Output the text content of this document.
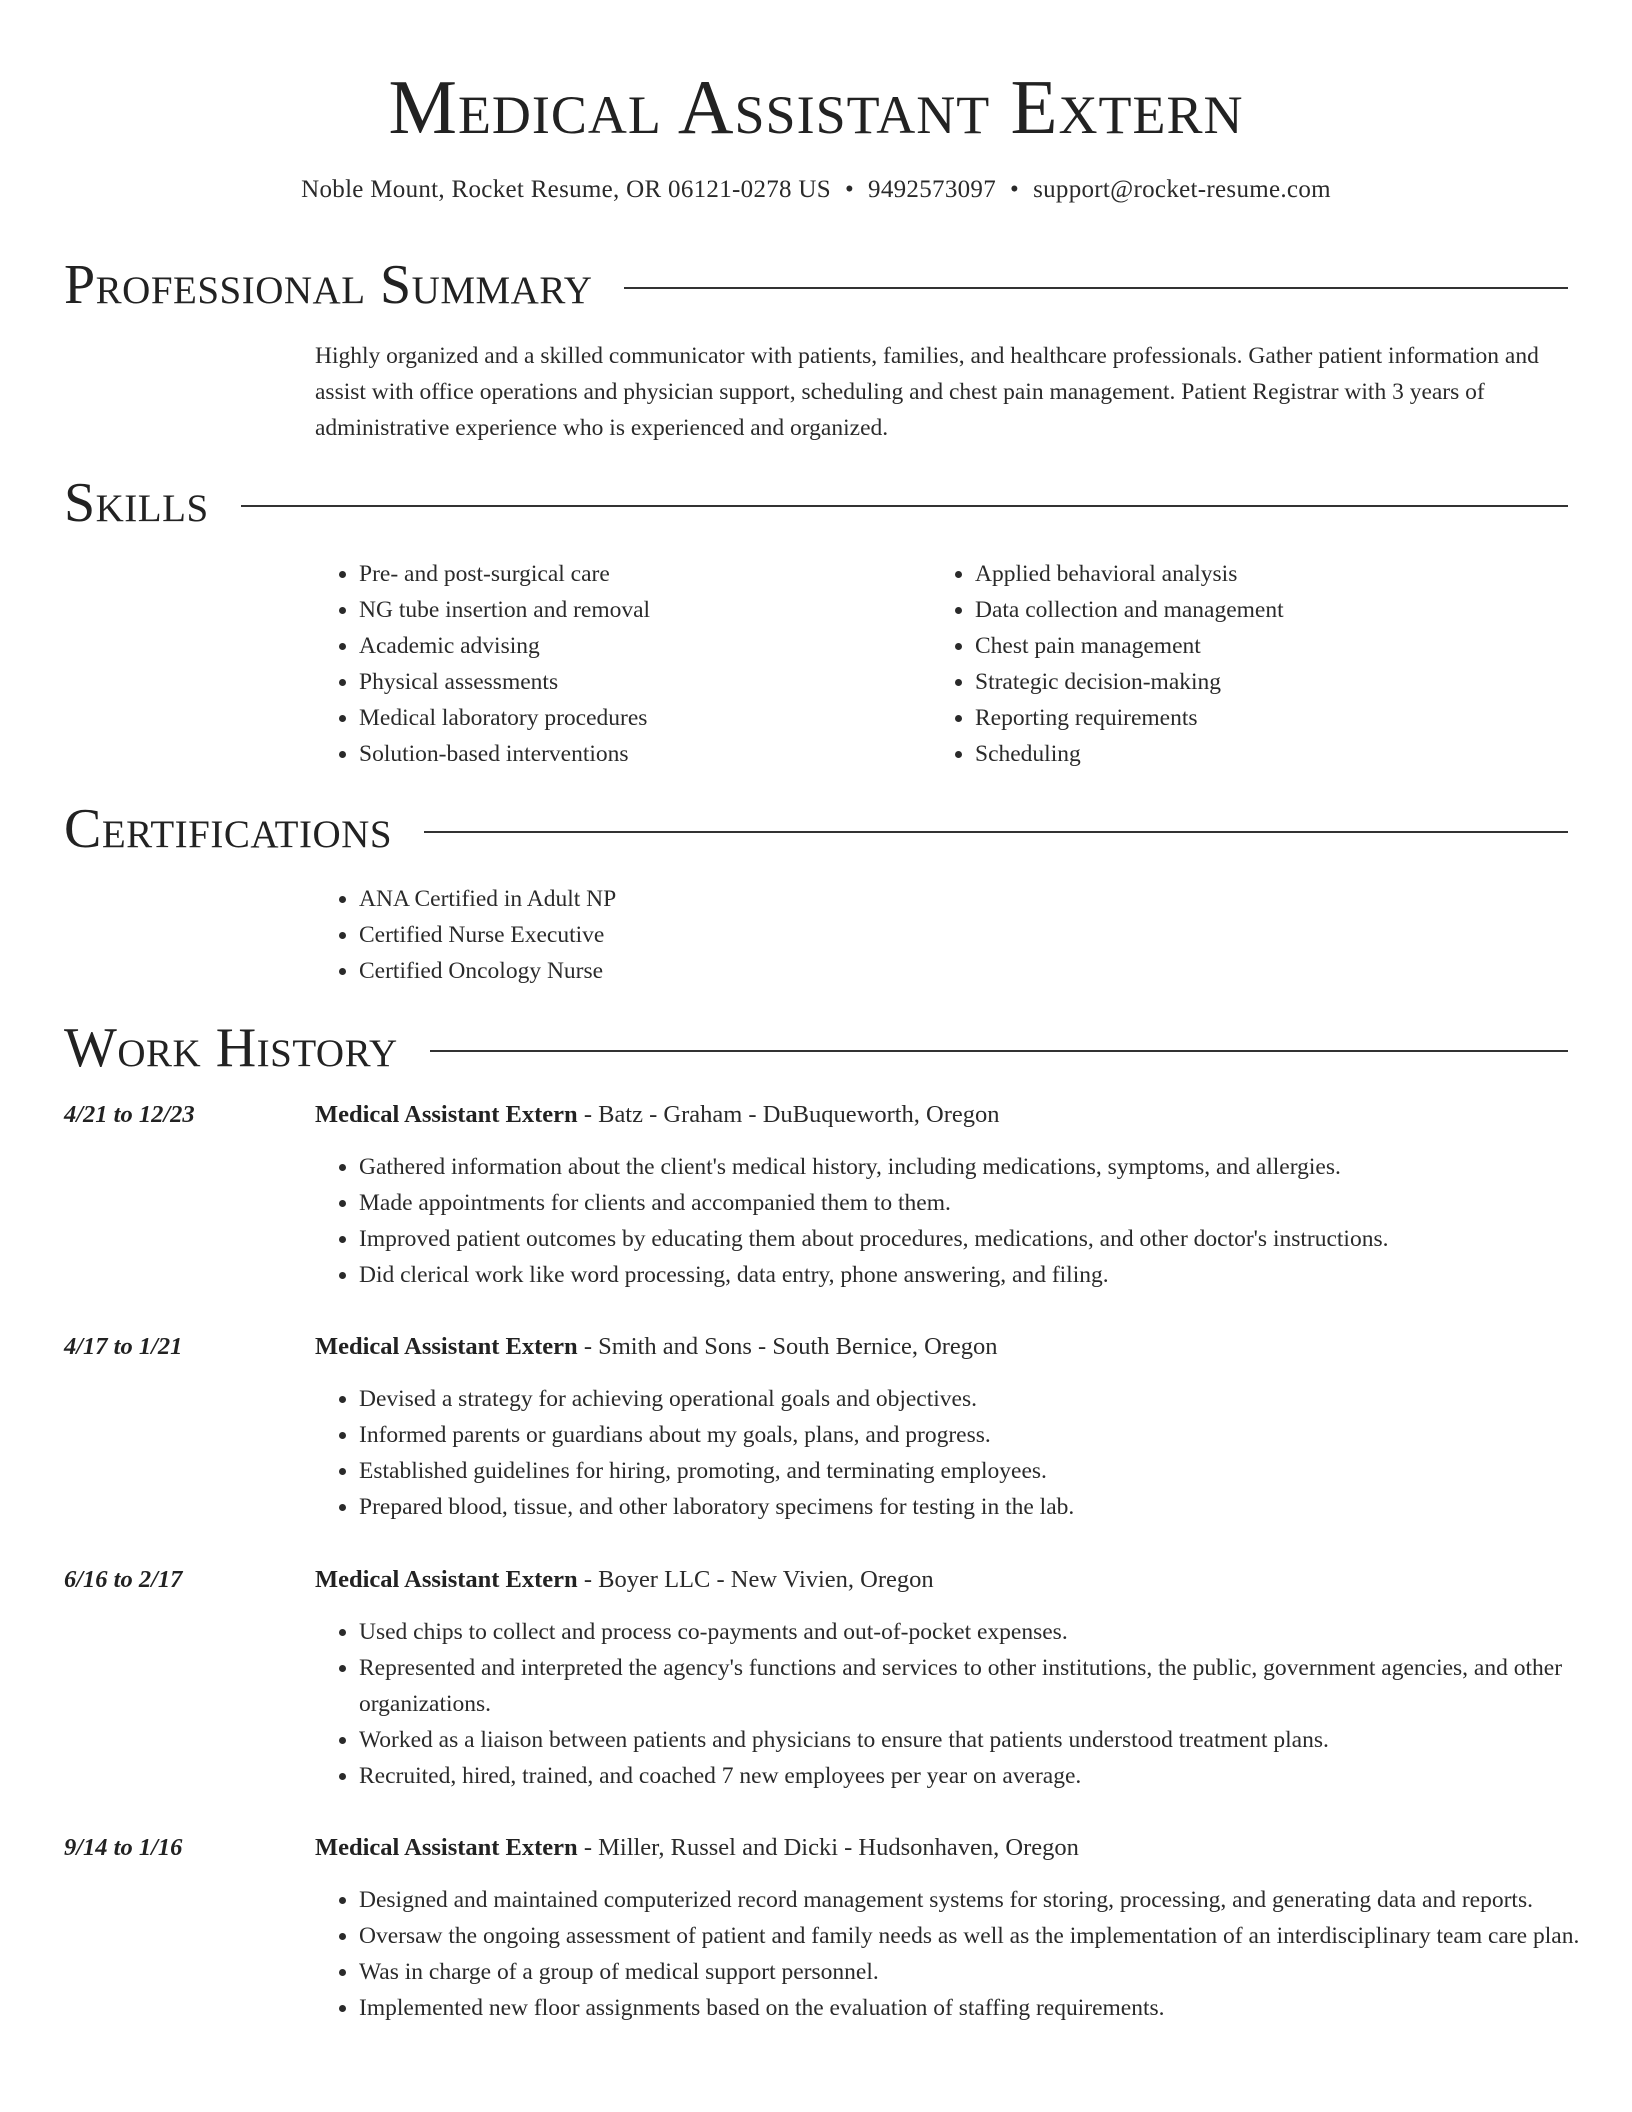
Medical Assistant Extern
Noble Mount, Rocket Resume, OR 06121-0278 US • 9492573097 • support@rocket-resume.com
Professional Summary

Highly organized and a skilled communicator with patients, families, and healthcare professionals. Gather patient information and assist with office operations and physician support, scheduling and chest pain management. Patient Registrar with 3 years of administrative experience who is experienced and organized.

Skills
• Pre- and post-surgical care
• NG tube insertion and removal
• Academic advising
• Physical assessments
• Medical laboratory procedures
• Solution-based interventions
• Applied behavioral analysis
• Data collection and management
• Chest pain management
• Strategic decision-making
• Reporting requirements
• Scheduling
Certifications
• ANA Certified in Adult NP
• Certified Nurse Executive
• Certified Oncology Nurse
Work History
4/21 to 12/23	Medical Assistant Extern - Batz - Graham - DuBuqueworth, Oregon
• Gathered information about the client's medical history, including medications, symptoms, and allergies.
• Made appointments for clients and accompanied them to them.
• Improved patient outcomes by educating them about procedures, medications, and other doctor's instructions.
• Did clerical work like word processing, data entry, phone answering, and filing.
4/17 to 1/21	Medical Assistant Extern - Smith and Sons - South Bernice, Oregon
• Devised a strategy for achieving operational goals and objectives.
• Informed parents or guardians about my goals, plans, and progress.
• Established guidelines for hiring, promoting, and terminating employees.
• Prepared blood, tissue, and other laboratory specimens for testing in the lab.
6/16 to 2/17	Medical Assistant Extern - Boyer LLC - New Vivien, Oregon
• Used chips to collect and process co-payments and out-of-pocket expenses.
• Represented and interpreted the agency's functions and services to other institutions, the public, government agencies, and other organizations.
• Worked as a liaison between patients and physicians to ensure that patients understood treatment plans.
• Recruited, hired, trained, and coached 7 new employees per year on average.
9/14 to 1/16	Medical Assistant Extern - Miller, Russel and Dicki - Hudsonhaven, Oregon
• Designed and maintained computerized record management systems for storing, processing, and generating data and reports.
• Oversaw the ongoing assessment of patient and family needs as well as the implementation of an interdisciplinary team care plan.
• Was in charge of a group of medical support personnel.
• Implemented new floor assignments based on the evaluation of staffing requirements.
